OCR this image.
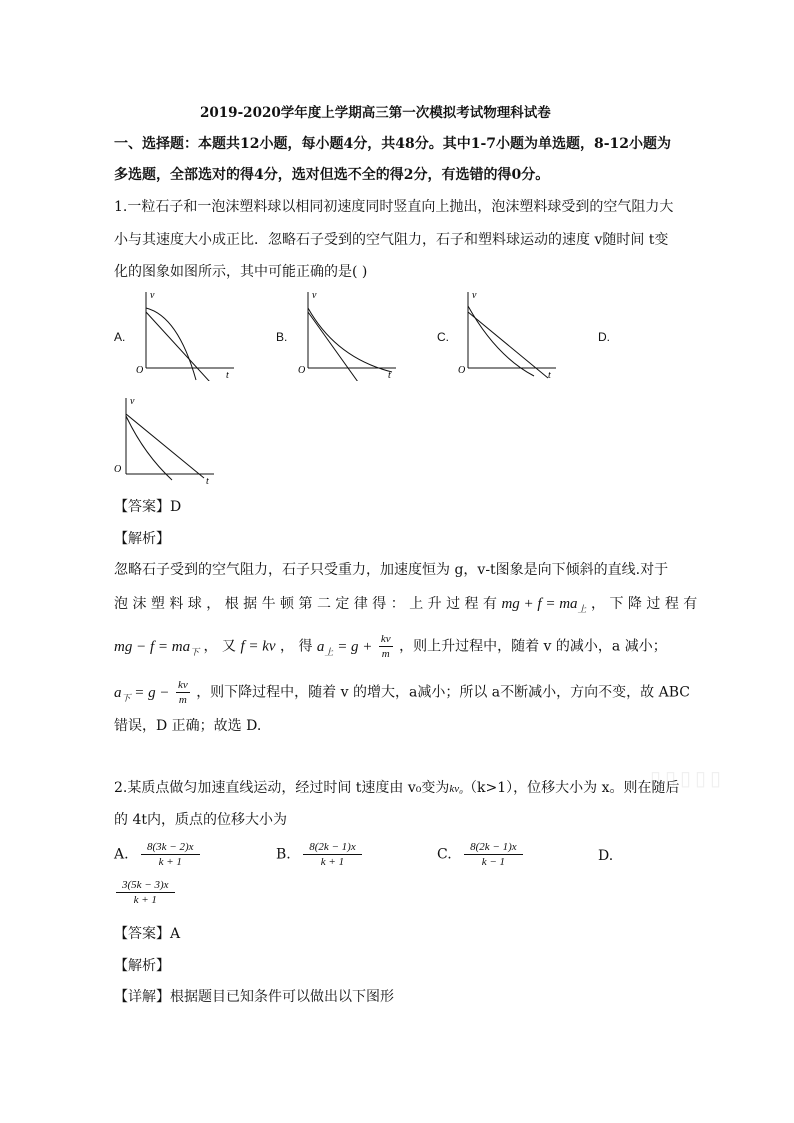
2019-2020学年度上学期高三第一次模拟考试物理科试卷
一、选择题：本题共12小题，每小题4分，共48分。其中1-7小题为单选题，8-12小题为
多选题，全部选对的得4分，选对但选不全的得2分，有选错的得0分。
1.一粒石子和一泡沫塑料球以相同初速度同时竖直向上抛出，泡沫塑料球受到的空气阻力大
小与其速度大小成正比．忽略石子受到的空气阻力，石子和塑料球运动的速度 v随时间 t变
化的图象如图所示，其中可能正确的是( )
A.	B.	C.	D.
v
t
O
v
t
O
v
t
O
v
t
O
【答案】D
【解析】
忽略石子受到的空气阻力，石子只受重力，加速度恒为 g，v-t图象是向下倾斜的直线.对于
泡 沫 塑 料 球 ， 根 据 牛 顿 第 二 定 律 得 ： 上 升 过 程 有 mg + $f = ma_上$ ， 下 降 过 程 有
mg − $f = ma_下$ ， 又 f = kv ， 得 $a_上 = g + \frac{kv}{m}$ ，则上升过程中，随着 v 的减小，a 减小；
$a_下 = g - \frac{kv}{m}$ ，则下降过程中，随着 v 的增大，a减小；所以 a不断减小，方向不变，故 ABC
错误，D 正确；故选 D.
▯▯▯▯▯
2.某质点做匀加速直线运动，经过时间 t速度由 v₀变为kv₀（k>1），位移大小为 x。则在随后
的 4t内，质点的位移大小为
A. $\frac{8(3k - 2)x}{k + 1}$	B. $\frac{8(2k - 1)x}{k + 1}$	C. $\frac{8(2k - 1)x}{k - 1}$	D.
$\frac{3(5k - 3)x}{k + 1}$
【答案】A
【解析】
【详解】根据题目已知条件可以做出以下图形
